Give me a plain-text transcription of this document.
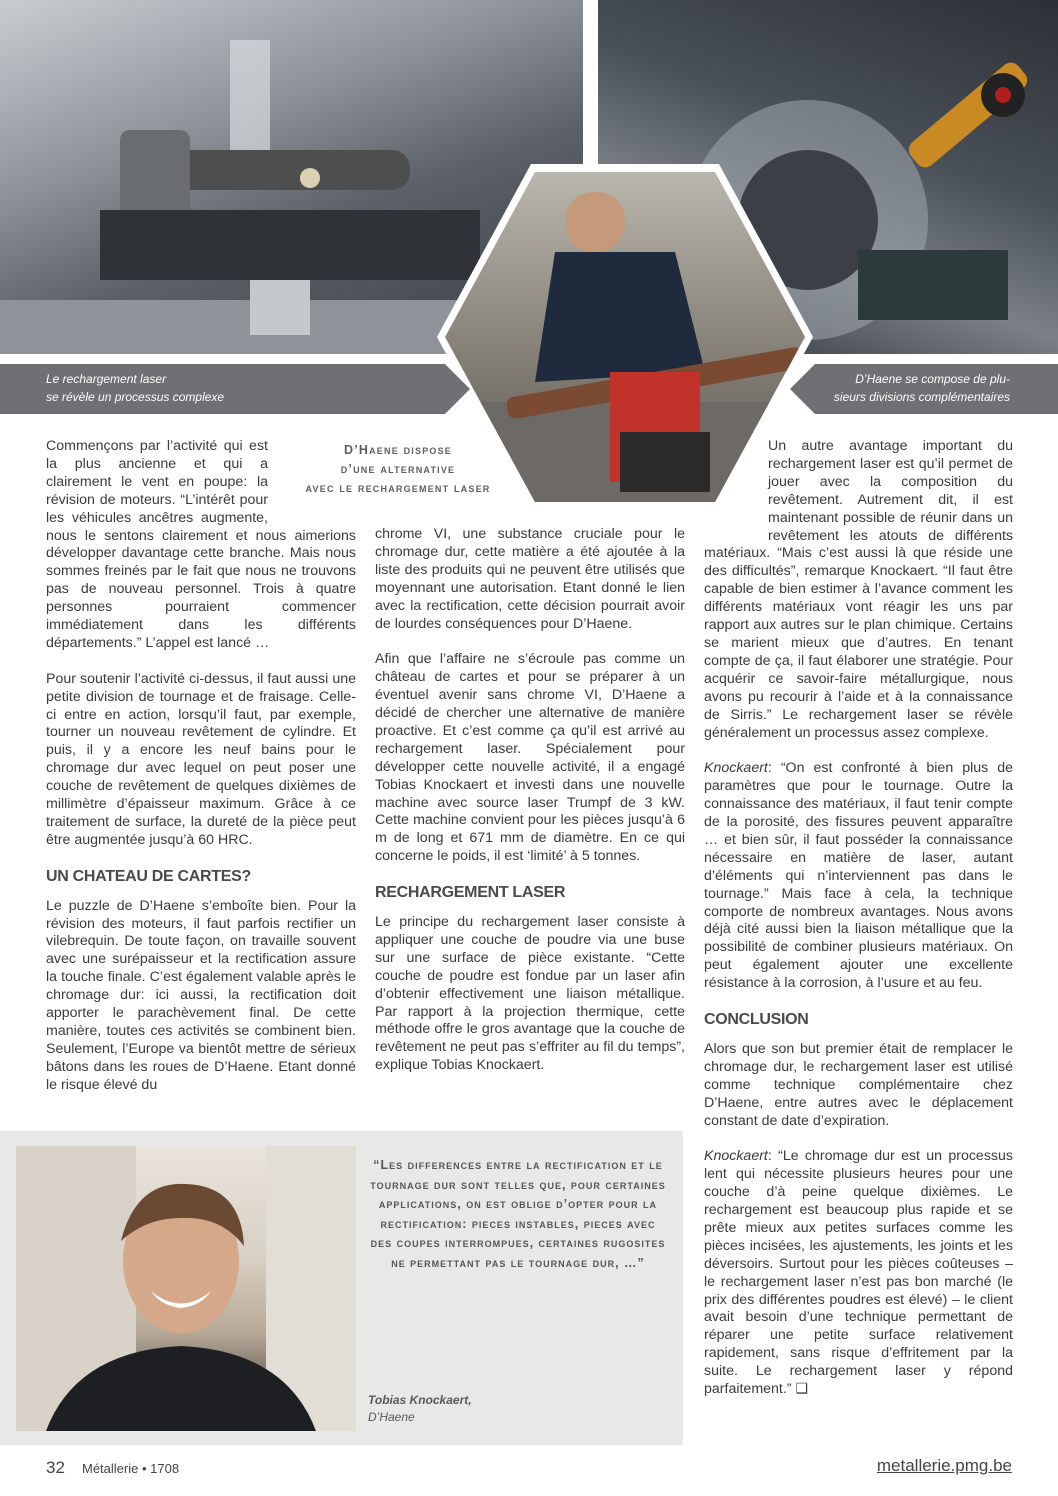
Le rechargement laser
se révèle un processus complexe
D’Haene se compose de plu-
sieurs divisions complémentaires
D’Haene dispose
d’une alternative
avec le rechargement laser

Commençons par l’activité qui est la plus ancienne et qui a clairement le vent en poupe: la révision de moteurs. “L’intérêt pour les véhicules ancêtres augmente, nous le sentons clairement et nous aimerions développer davantage cette branche. Mais nous sommes freinés par le fait que nous ne trouvons pas de nouveau personnel. Trois à quatre personnes pourraient commencer immédiatement dans les différents départements.” L’appel est lancé …

Pour soutenir l’activité ci-dessus, il faut aussi une petite division de tournage et de fraisage. Celle-ci entre en action, lorsqu’il faut, par exemple, tourner un nouveau revêtement de cylindre. Et puis, il y a encore les neuf bains pour le chromage dur avec lequel on peut poser une couche de revêtement de quelques dixièmes de millimètre d’épaisseur maximum. Grâce à ce traitement de surface, la dureté de la pièce peut être augmentée jusqu’à 60 HRC.

UN CHATEAU DE CARTES?

Le puzzle de D’Haene s’emboîte bien. Pour la révision des moteurs, il faut parfois rectifier un vilebrequin. De toute façon, on travaille souvent avec une surépaisseur et la rectification assure la touche finale. C’est également valable après le chromage dur: ici aussi, la rectification doit apporter le parachèvement final. De cette manière, toutes ces activités se combinent bien. Seulement, l’Europe va bientôt mettre de sérieux bâtons dans les roues de D’Haene. Etant donné le risque élevé du

chrome VI, une substance cruciale pour le chromage dur, cette matière a été ajoutée à la liste des produits qui ne peuvent être utilisés que moyennant une autorisation. Etant donné le lien avec la rectification, cette décision pourrait avoir de lourdes conséquences pour D’Haene.

Afin que l’affaire ne s’écroule pas comme un château de cartes et pour se préparer à un éventuel avenir sans chrome VI, D’Haene a décidé de chercher une alternative de manière proactive. Et c’est comme ça qu’il est arrivé au rechargement laser. Spécialement pour développer cette nouvelle activité, il a engagé Tobias Knockaert et investi dans une nouvelle machine avec source laser Trumpf de 3 kW. Cette machine convient pour les pièces jusqu’à 6 m de long et 671 mm de diamètre. En ce qui concerne le poids, il est ‘limité’ à 5 tonnes.

RECHARGEMENT LASER

Le principe du rechargement laser consiste à appliquer une couche de poudre via une buse sur une surface de pièce existante. “Cette couche de poudre est fondue par un laser afin d’obtenir effectivement une liaison métallique. Par rapport à la projection thermique, cette méthode offre le gros avantage que la couche de revêtement ne peut pas s’effriter au fil du temps”, explique Tobias Knockaert.

Un autre avantage important du rechargement laser est qu’il permet de jouer avec la composition du revêtement. Autrement dit, il est maintenant possible de réunir dans un revêtement les atouts de différents matériaux. “Mais c’est aussi là que réside une des difficultés”, remarque Knockaert. “Il faut être capable de bien estimer à l’avance comment les différents matériaux vont réagir les uns par rapport aux autres sur le plan chimique. Certains se marient mieux que d’autres. En tenant compte de ça, il faut élaborer une stratégie. Pour acquérir ce savoir-faire métallurgique, nous avons pu recourir à l’aide et à la connaissance de Sirris.” Le rechargement laser se révèle généralement un processus assez complexe.

Knockaert: “On est confronté à bien plus de paramètres que pour le tournage. Outre la connaissance des matériaux, il faut tenir compte de la porosité, des fissures peuvent apparaître … et bien sûr, il faut posséder la connaissance nécessaire en matière de laser, autant d’éléments qui n’interviennent pas dans le tournage.” Mais face à cela, la technique comporte de nombreux avantages. Nous avons déjà cité aussi bien la liaison métallique que la possibilité de combiner plusieurs matériaux. On peut également ajouter une excellente résistance à la corrosion, à l’usure et au feu.

CONCLUSION

Alors que son but premier était de remplacer le chromage dur, le rechargement laser est utilisé comme technique complémentaire chez D’Haene, entre autres avec le déplacement constant de date d’expiration.

Knockaert: “Le chromage dur est un processus lent qui nécessite plusieurs heures pour une couche d’à peine quelque dixièmes. Le rechargement est beaucoup plus rapide et se prête mieux aux petites surfaces comme les pièces incisées, les ajustements, les joints et les déversoirs. Surtout pour les pièces coûteuses – le rechargement laser n’est pas bon marché (le prix des différentes poudres est élevé) – le client avait besoin d’une technique permettant de réparer une petite surface relativement rapidement, sans risque d’effritement par la suite. Le rechargement laser y répond parfaitement.” ❑

“Les differences entre la rectification et le tournage dur sont telles que, pour certaines applications, on est oblige d’opter pour la rectification: pieces instables, pieces avec des coupes interrompues, certaines rugosites ne permettant pas le tournage dur, …”
Tobias Knockaert,
D’Haene
32 Métallerie • 1708	metallerie.pmg.be
